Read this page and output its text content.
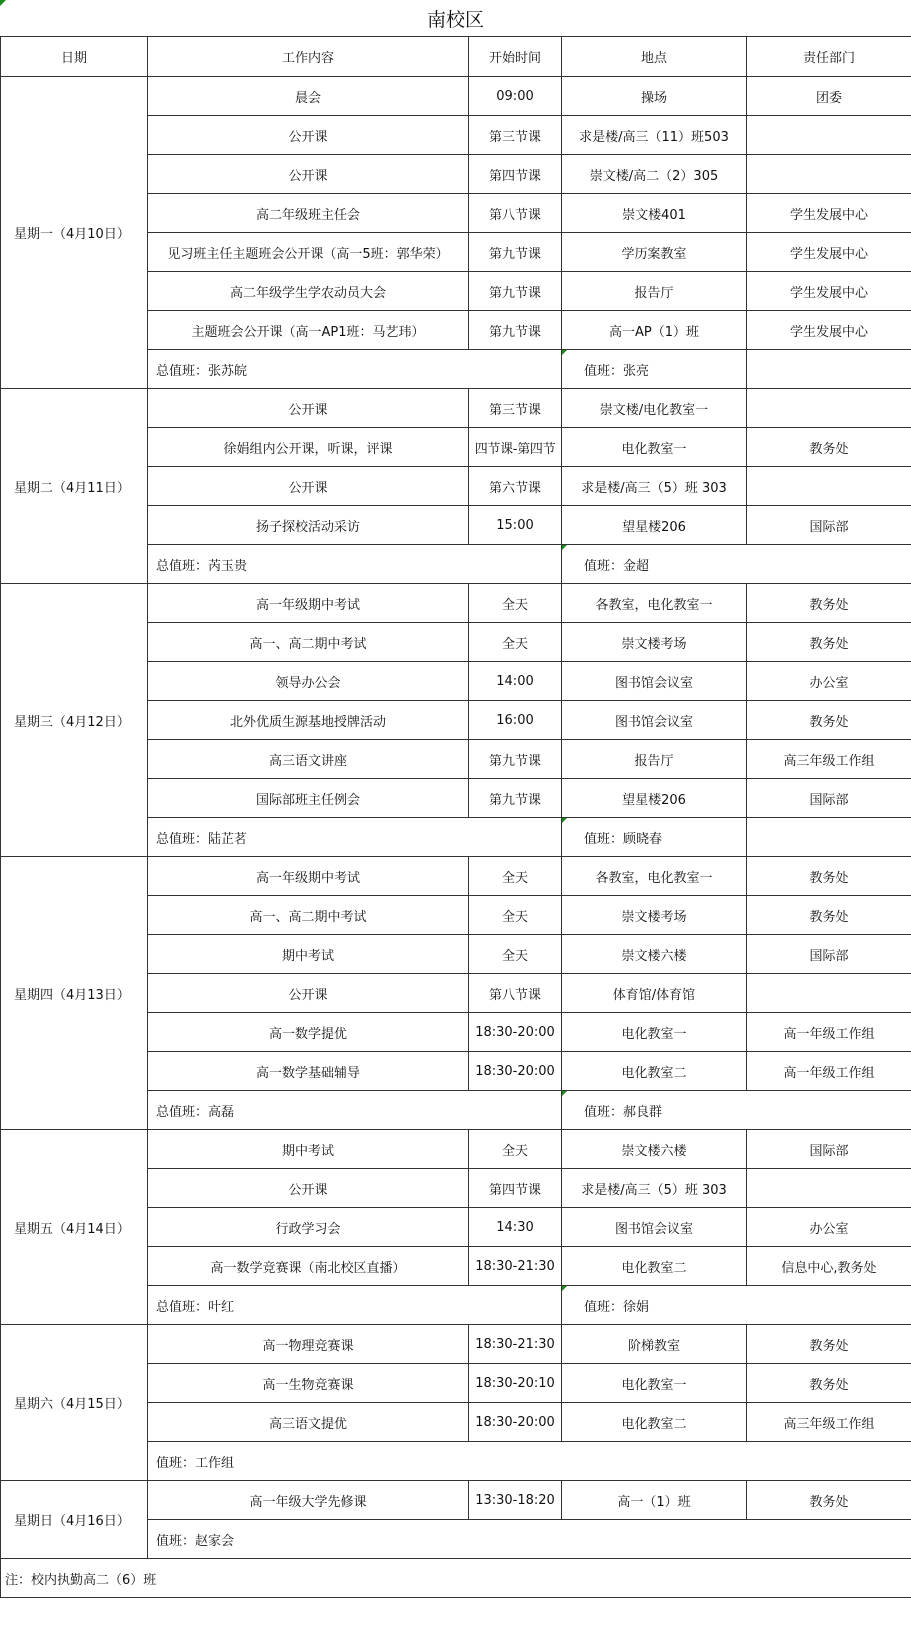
南校区
日期	工作内容	开始时间	地点	责任部门
星期一（4月10日）	晨会	09:00	操场	团委
	公开课	第三节课	求是楼/高三（11）班503	
	公开课	第四节课	崇文楼/高二（2）305	
	高二年级班主任会	第八节课	崇文楼401	学生发展中心
	见习班主任主题班会公开课（高一5班：郭华荣）	第九节课	学历案教室	学生发展中心
	高二年级学生学农动员大会	第九节课	报告厅	学生发展中心
	主题班会公开课（高一AP1班：马艺玮）	第九节课	高一AP（1）班	学生发展中心
	总值班：张苏皖		值班：张亮	
星期二（4月11日）	公开课	第三节课	崇文楼/电化教室一	
	徐娟组内公开课，听课，评课	四节课-第四节	电化教室一	教务处
	公开课	第六节课	求是楼/高三（5）班 303	
	扬子探校活动采访	15:00	望星楼206	国际部
	总值班：芮玉贵		值班：金超	
星期三（4月12日）	高一年级期中考试	全天	各教室，电化教室一	教务处
	高一、高二期中考试	全天	崇文楼考场	教务处
	领导办公会	14:00	图书馆会议室	办公室
	北外优质生源基地授牌活动	16:00	图书馆会议室	教务处
	高三语文讲座	第九节课	报告厅	高三年级工作组
	国际部班主任例会	第九节课	望星楼206	国际部
	总值班：陆芷茗		值班：顾晓春	
星期四（4月13日）	高一年级期中考试	全天	各教室，电化教室一	教务处
	高一、高二期中考试	全天	崇文楼考场	教务处
	期中考试	全天	崇文楼六楼	国际部
	公开课	第八节课	体育馆/体育馆	
	高一数学提优	18:30-20:00	电化教室一	高一年级工作组
	高一数学基础辅导	18:30-20:00	电化教室二	高一年级工作组
	总值班：高磊		值班：郝良群	
星期五（4月14日）	期中考试	全天	崇文楼六楼	国际部
	公开课	第四节课	求是楼/高三（5）班 303	
	行政学习会	14:30	图书馆会议室	办公室
	高一数学竞赛课（南北校区直播）	18:30-21:30	电化教室二	信息中心,教务处
	总值班：叶红		值班：徐娟	
星期六（4月15日）	高一物理竞赛课	18:30-21:30	阶梯教室	教务处
	高一生物竞赛课	18:30-20:10	电化教室一	教务处
	高三语文提优	18:30-20:00	电化教室二	高三年级工作组
	值班：工作组			
星期日（4月16日）	高一年级大学先修课	13:30-18:20	高一（1）班	教务处
	值班：赵家会			
注：校内执勤高二（6）班				
